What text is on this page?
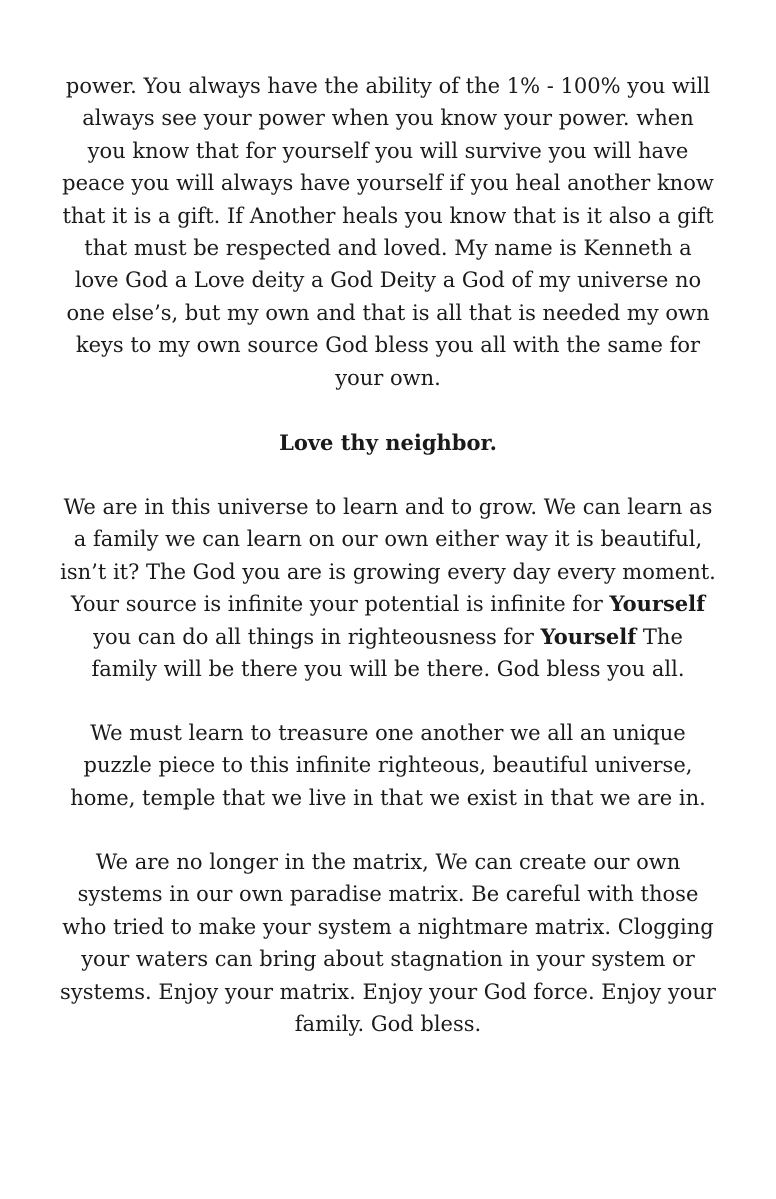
power. You always have the ability of the 1% - 100% you will always see your power when you know your power. when you know that for yourself you will survive you will have peace you will always have yourself if you heal another know that it is a gift. If Another heals you know that is it also a gift that must be respected and loved. My name is Kenneth a love God a Love deity a God Deity a God of my universe no one else’s, but my own and that is all that is needed my own keys to my own source God bless you all with the same for your own.

Love thy neighbor.

We are in this universe to learn and to grow. We can learn as a family we can learn on our own either way it is beautiful, isn’t it? The God you are is growing every day every moment. Your source is infinite your potential is infinite for Yourself you can do all things in righteousness for Yourself The family will be there you will be there. God bless you all.

We must learn to treasure one another we all an unique puzzle piece to this infinite righteous, beautiful universe, home, temple that we live in that we exist in that we are in.

We are no longer in the matrix, We can create our own systems in our own paradise matrix. Be careful with those who tried to make your system a nightmare matrix. Clogging your waters can bring about stagnation in your system or systems. Enjoy your matrix. Enjoy your God force. Enjoy your family. God bless.
